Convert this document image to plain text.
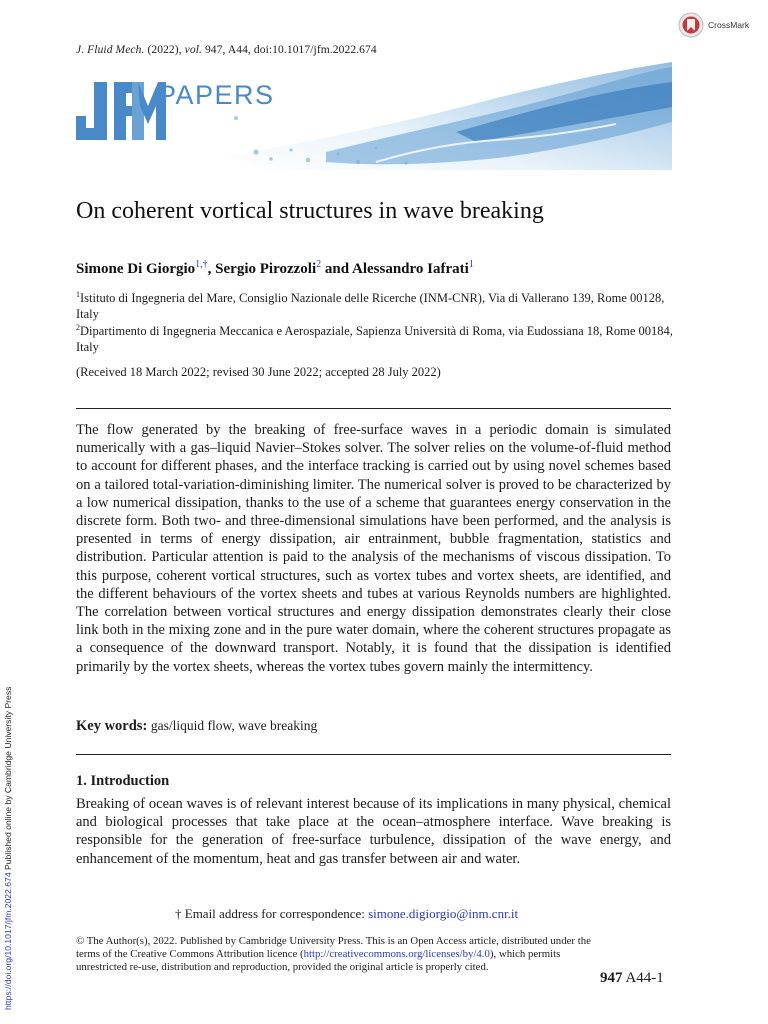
J. Fluid Mech. (2022), vol. 947, A44, doi:10.1017/jfm.2022.674
CrossMark
PAPERS
On coherent vortical structures in wave breaking
Simone Di Giorgio$^{1,\dagger}$, Sergio Pirozzoli$^2$ and Alessandro Iafrati$^1$
$^1$Istituto di Ingegneria del Mare, Consiglio Nazionale delle Ricerche (INM-CNR), Via di Vallerano 139, Rome 00128, Italy
$^2$Dipartimento di Ingegneria Meccanica e Aerospaziale, Sapienza Università di Roma, via Eudossiana 18, Rome 00184, Italy
(Received 18 March 2022; revised 30 June 2022; accepted 28 July 2022)
The flow generated by the breaking of free-surface waves in a periodic domain is simulated numerically with a gas–liquid Navier–Stokes solver. The solver relies on the volume-of-fluid method to account for different phases, and the interface tracking is carried out by using novel schemes based on a tailored total-variation-diminishing limiter. The numerical solver is proved to be characterized by a low numerical dissipation, thanks to the use of a scheme that guarantees energy conservation in the discrete form. Both two- and three-dimensional simulations have been performed, and the analysis is presented in terms of energy dissipation, air entrainment, bubble fragmentation, statistics and distribution. Particular attention is paid to the analysis of the mechanisms of viscous dissipation. To this purpose, coherent vortical structures, such as vortex tubes and vortex sheets, are identified, and the different behaviours of the vortex sheets and tubes at various Reynolds numbers are highlighted. The correlation between vortical structures and energy dissipation demonstrates clearly their close link both in the mixing zone and in the pure water domain, where the coherent structures propagate as a consequence of the downward transport. Notably, it is found that the dissipation is identified primarily by the vortex sheets, whereas the vortex tubes govern mainly the intermittency.
Key words: gas/liquid flow, wave breaking
1. Introduction
Breaking of ocean waves is of relevant interest because of its implications in many physical, chemical and biological processes that take place at the ocean–atmosphere interface. Wave breaking is responsible for the generation of free-surface turbulence, dissipation of the wave energy, and enhancement of the momentum, heat and gas transfer between air and water.
† Email address for correspondence: simone.digiorgio@inm.cnr.it
© The Author(s), 2022. Published by Cambridge University Press. This is an Open Access article, distributed under the terms of the Creative Commons Attribution licence (http://creativecommons.org/licenses/by/4.0), which permits unrestricted re-use, distribution and reproduction, provided the original article is properly cited.
947 A44-1
https://doi.org/10.1017/jfm.2022.674 Published online by Cambridge University Press
